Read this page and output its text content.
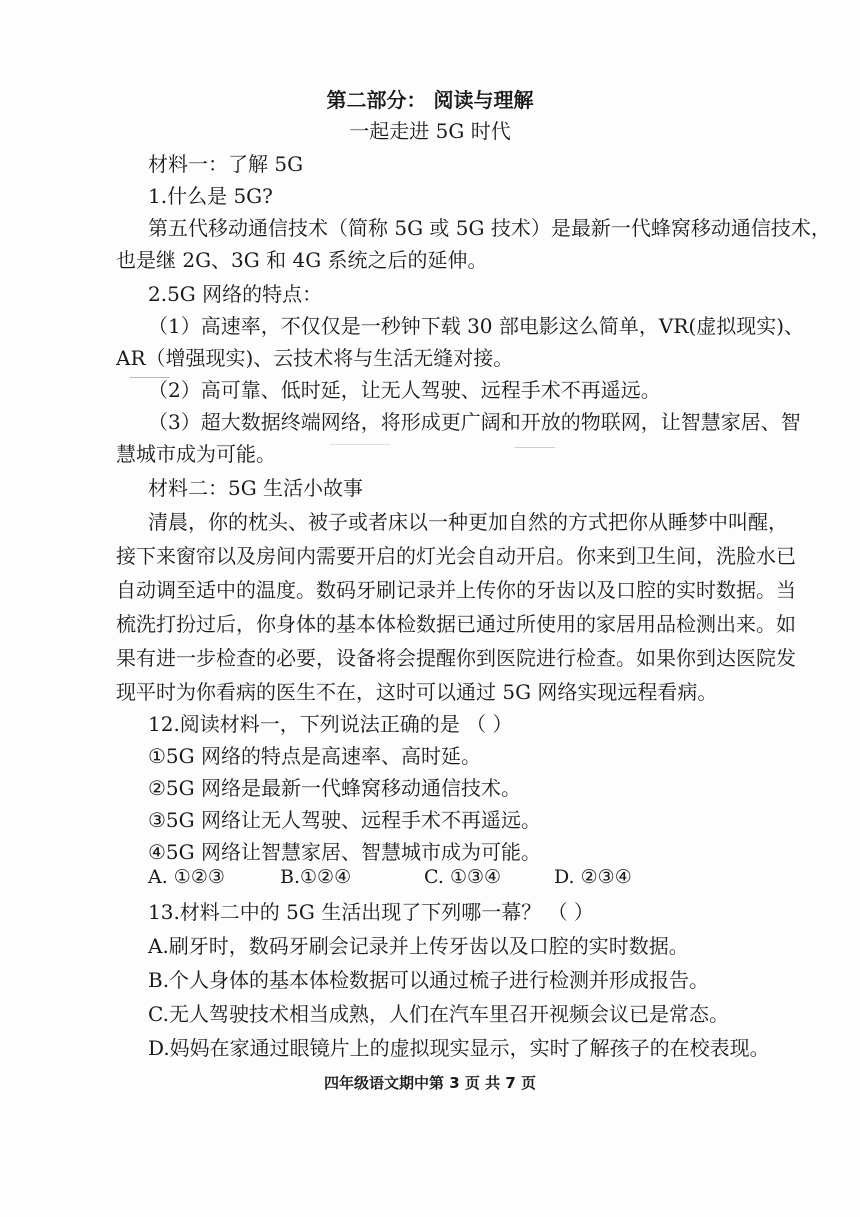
第二部分： 阅读与理解
一起走进 5G 时代
材料一：了解 5G
1.什么是 5G?
第五代移动通信技术（简称 5G 或 5G 技术）是最新一代蜂窝移动通信技术，
也是继 2G、3G 和 4G 系统之后的延伸。
2.5G 网络的特点：
（1）高速率，不仅仅是一秒钟下载 30 部电影这么简单，VR(虚拟现实)、
AR（增强现实)、云技术将与生活无缝对接。
（2）高可靠、低时延，让无人驾驶、远程手术不再遥远。
（3）超大数据终端网络，将形成更广阔和开放的物联网，让智慧家居、智
慧城市成为可能。
材料二：5G 生活小故事
清晨，你的枕头、被子或者床以一种更加自然的方式把你从睡梦中叫醒，
接下来窗帘以及房间内需要开启的灯光会自动开启。你来到卫生间，洗脸水已
自动调至适中的温度。数码牙刷记录并上传你的牙齿以及口腔的实时数据。当
梳洗打扮过后，你身体的基本体检数据已通过所使用的家居用品检测出来。如
果有进一步检查的必要，设备将会提醒你到医院进行检查。如果你到达医院发
现平时为你看病的医生不在，这时可以通过 5G 网络实现远程看病。
12.阅读材料一，下列说法正确的是 （ ）
①5G 网络的特点是高速率、高时延。
②5G 网络是最新一代蜂窝移动通信技术。
③5G 网络让无人驾驶、远程手术不再遥远。
④5G 网络让智慧家居、智慧城市成为可能。
A. ①②③	B.①②④	C. ①③④	D. ②③④
13.材料二中的 5G 生活出现了下列哪一幕？ （ ）
A.刷牙时，数码牙刷会记录并上传牙齿以及口腔的实时数据。
B.个人身体的基本体检数据可以通过梳子进行检测并形成报告。
C.无人驾驶技术相当成熟，人们在汽车里召开视频会议已是常态。
D.妈妈在家通过眼镜片上的虚拟现实显示，实时了解孩子的在校表现。
四年级语文期中第 3 页 共 7 页
